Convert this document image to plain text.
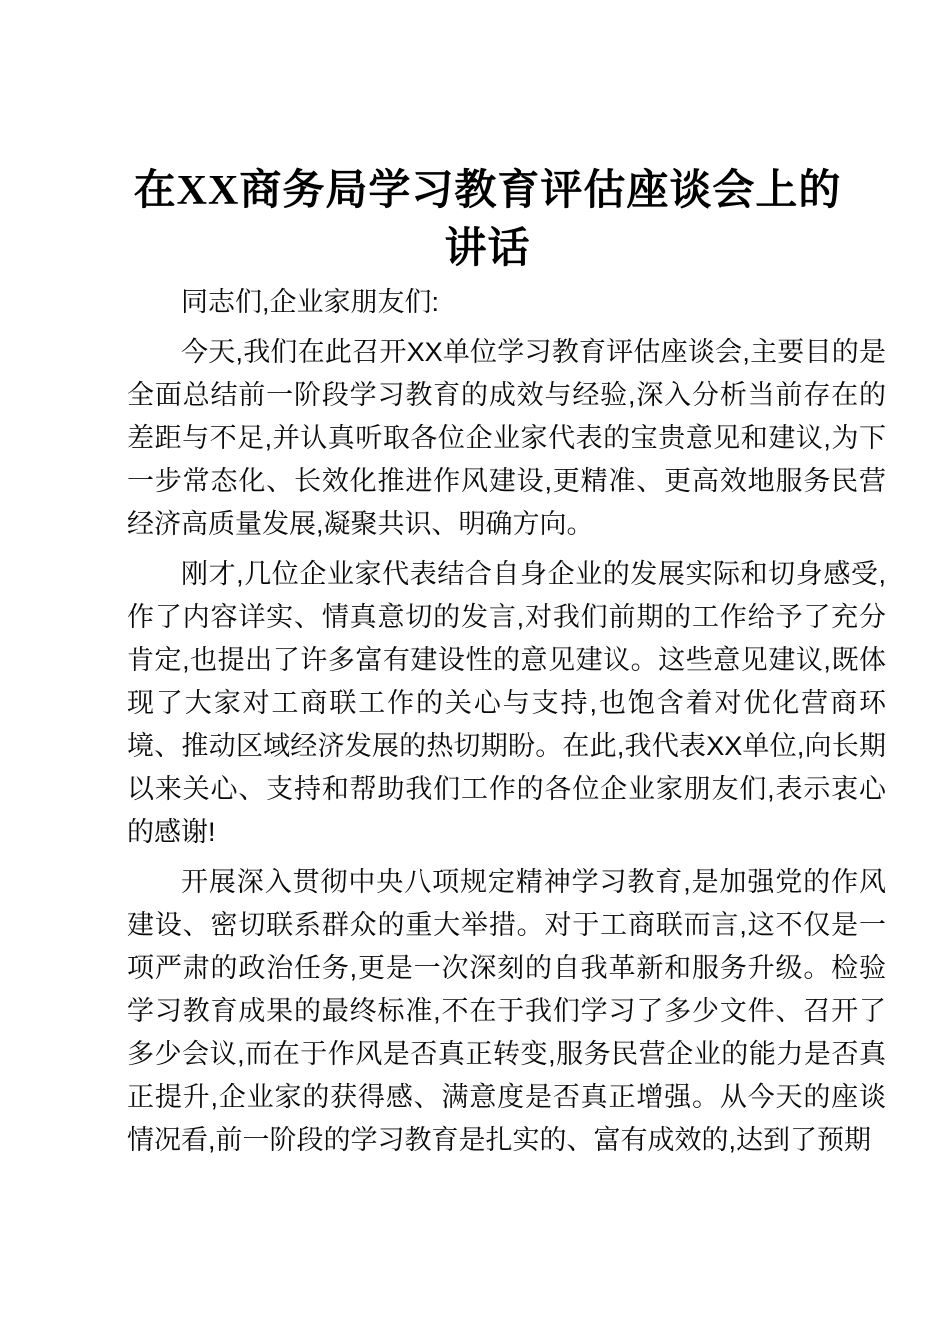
在XX商务局学习教育评估座谈会上的
讲话

同志们,企业家朋友们:

今天,我们在此召开XX单位学习教育评估座谈会,主要目的是全面总结前一阶段学习教育的成效与经验,深入分析当前存在的差距与不足,并认真听取各位企业家代表的宝贵意见和建议,为下一步常态化、长效化推进作风建设,更精准、更高效地服务民营经济高质量发展,凝聚共识、明确方向。

刚才,几位企业家代表结合自身企业的发展实际和切身感受,作了内容详实、情真意切的发言,对我们前期的工作给予了充分肯定,也提出了许多富有建设性的意见建议。这些意见建议,既体现了大家对工商联工作的关心与支持,也饱含着对优化营商环境、推动区域经济发展的热切期盼。在此,我代表XX单位,向长期以来关心、支持和帮助我们工作的各位企业家朋友们,表示衷心的感谢!

开展深入贯彻中央八项规定精神学习教育,是加强党的作风建设、密切联系群众的重大举措。对于工商联而言,这不仅是一项严肃的政治任务,更是一次深刻的自我革新和服务升级。检验学习教育成果的最终标准,不在于我们学习了多少文件、召开了多少会议,而在于作风是否真正转变,服务民营企业的能力是否真正提升,企业家的获得感、满意度是否真正增强。从今天的座谈情况看,前一阶段的学习教育是扎实的、富有成效的,达到了预期
